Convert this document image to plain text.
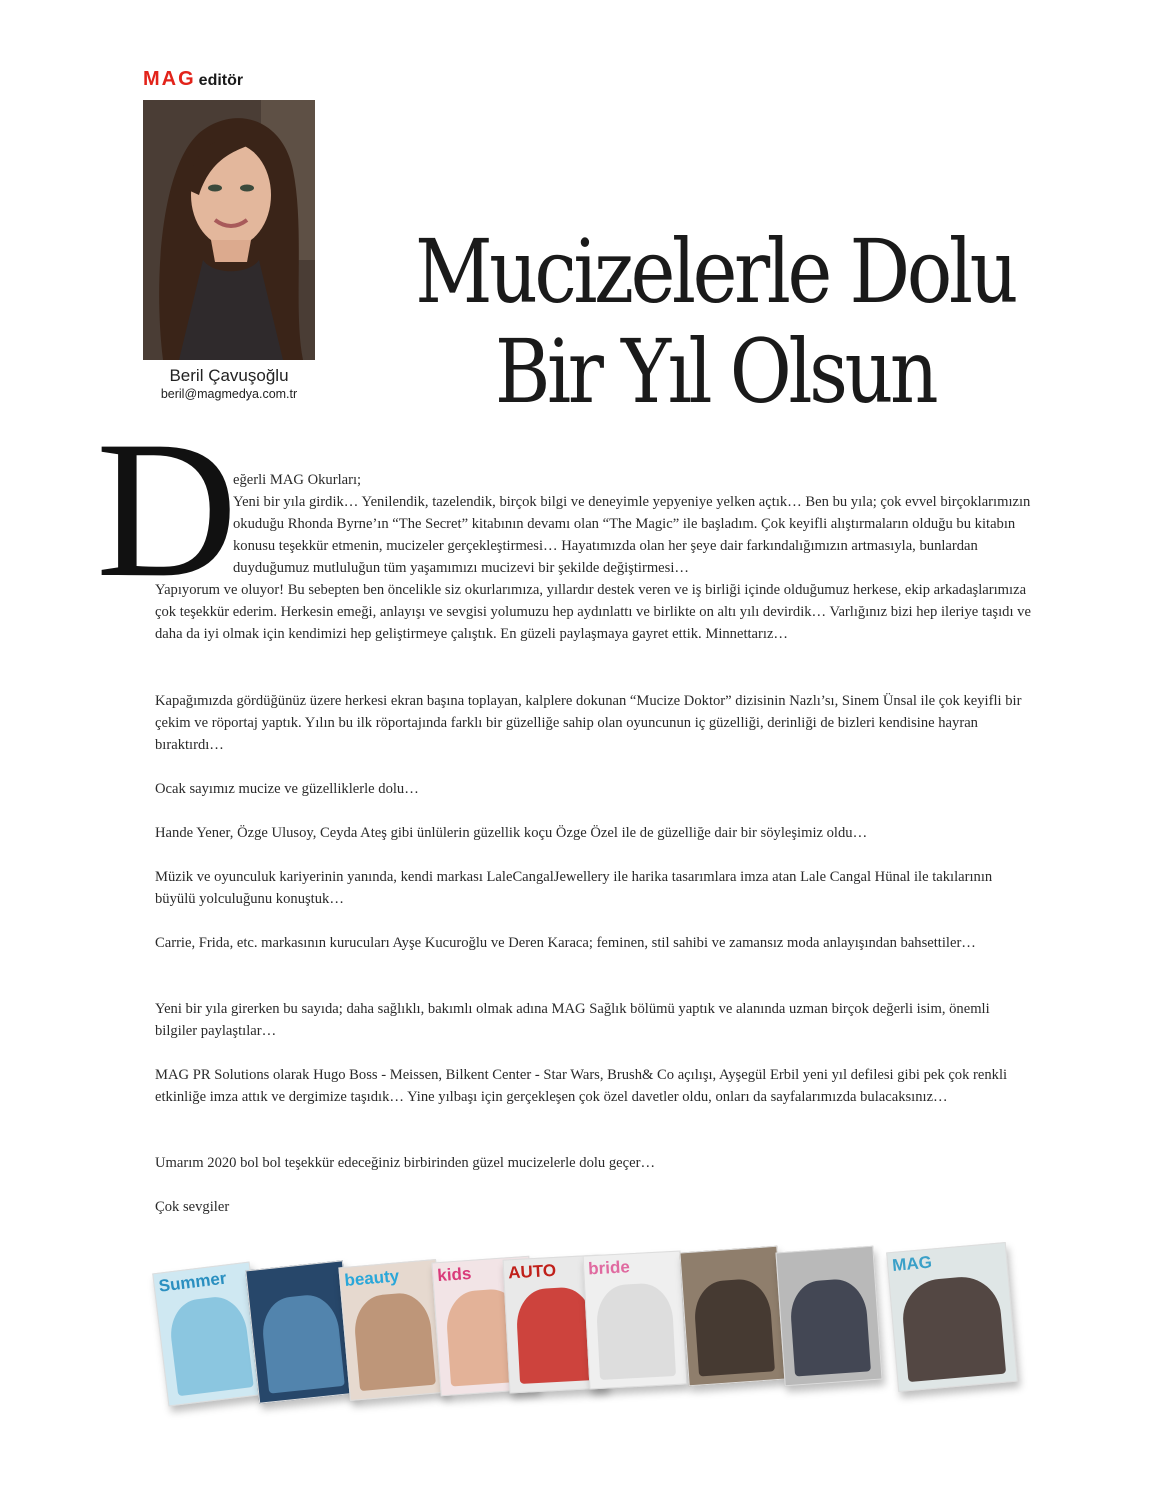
MAG editör
Beril Çavuşoğlu
beril@magmedya.com.tr
Mucizelerle Dolu
Bir Yıl Olsun
D

eğerli MAG Okurları;
Yeni bir yıla girdik… Yenilendik, tazelendik, birçok bilgi ve deneyimle yepyeniye yelken açtık… Ben bu yıla; çok evvel birçoklarımızın okuduğu Rhonda Byrne’ın “The Secret” kitabının devamı olan “The Magic” ile başladım. Çok keyifli alıştırmaların olduğu bu kitabın konusu teşekkür etmenin, mucizeler gerçekleştirmesi… Hayatımızda olan her şeye dair farkındalığımızın artmasıyla, bunlardan duyduğumuz mutluluğun tüm yaşamımızı mucizevi bir şekilde değiştirmesi…

Yapıyorum ve oluyor! Bu sebepten ben öncelikle siz okurlarımıza, yıllardır destek veren ve iş birliği içinde olduğumuz herkese, ekip arkadaşlarımıza çok teşekkür ederim. Herkesin emeği, anlayışı ve sevgisi yolumuzu hep aydınlattı ve birlikte on altı yılı devirdik… Varlığınız bizi hep ileriye taşıdı ve daha da iyi olmak için kendimizi hep geliştirmeye çalıştık. En güzeli paylaşmaya gayret ettik. Minnettarız…

Kapağımızda gördüğünüz üzere herkesi ekran başına toplayan, kalplere dokunan “Mucize Doktor” dizisinin Nazlı’sı, Sinem Ünsal ile çok keyifli bir çekim ve röportaj yaptık. Yılın bu ilk röportajında farklı bir güzelliğe sahip olan oyuncunun iç güzelliği, derinliği de bizleri kendisine hayran bıraktırdı…

Ocak sayımız mucize ve güzelliklerle dolu…

Hande Yener, Özge Ulusoy, Ceyda Ateş gibi ünlülerin güzellik koçu Özge Özel ile de güzelliğe dair bir söyleşimiz oldu…

Müzik ve oyunculuk kariyerinin yanında, kendi markası LaleCangalJewellery ile harika tasarımlara imza atan Lale Cangal Hünal ile takılarının büyülü yolculuğunu konuştuk…

Carrie, Frida, etc. markasının kurucuları Ayşe Kucuroğlu ve Deren Karaca; feminen, stil sahibi ve zamansız moda anlayışından bahsettiler…

Yeni bir yıla girerken bu sayıda; daha sağlıklı, bakımlı olmak adına MAG Sağlık bölümü yaptık ve alanında uzman birçok değerli isim, önemli bilgiler paylaştılar…

MAG PR Solutions olarak Hugo Boss - Meissen, Bilkent Center - Star Wars, Brush& Co açılışı, Ayşegül Erbil yeni yıl defilesi gibi pek çok renkli etkinliğe imza attık ve dergimize taşıdık… Yine yılbaşı için gerçekleşen çok özel davetler oldu, onları da sayfalarımızda bulacaksınız…

Umarım 2020 bol bol teşekkür edeceğiniz birbirinden güzel mucizelerle dolu geçer…

Çok sevgiler

Summer	beauty kids AUTO bride	MAG
